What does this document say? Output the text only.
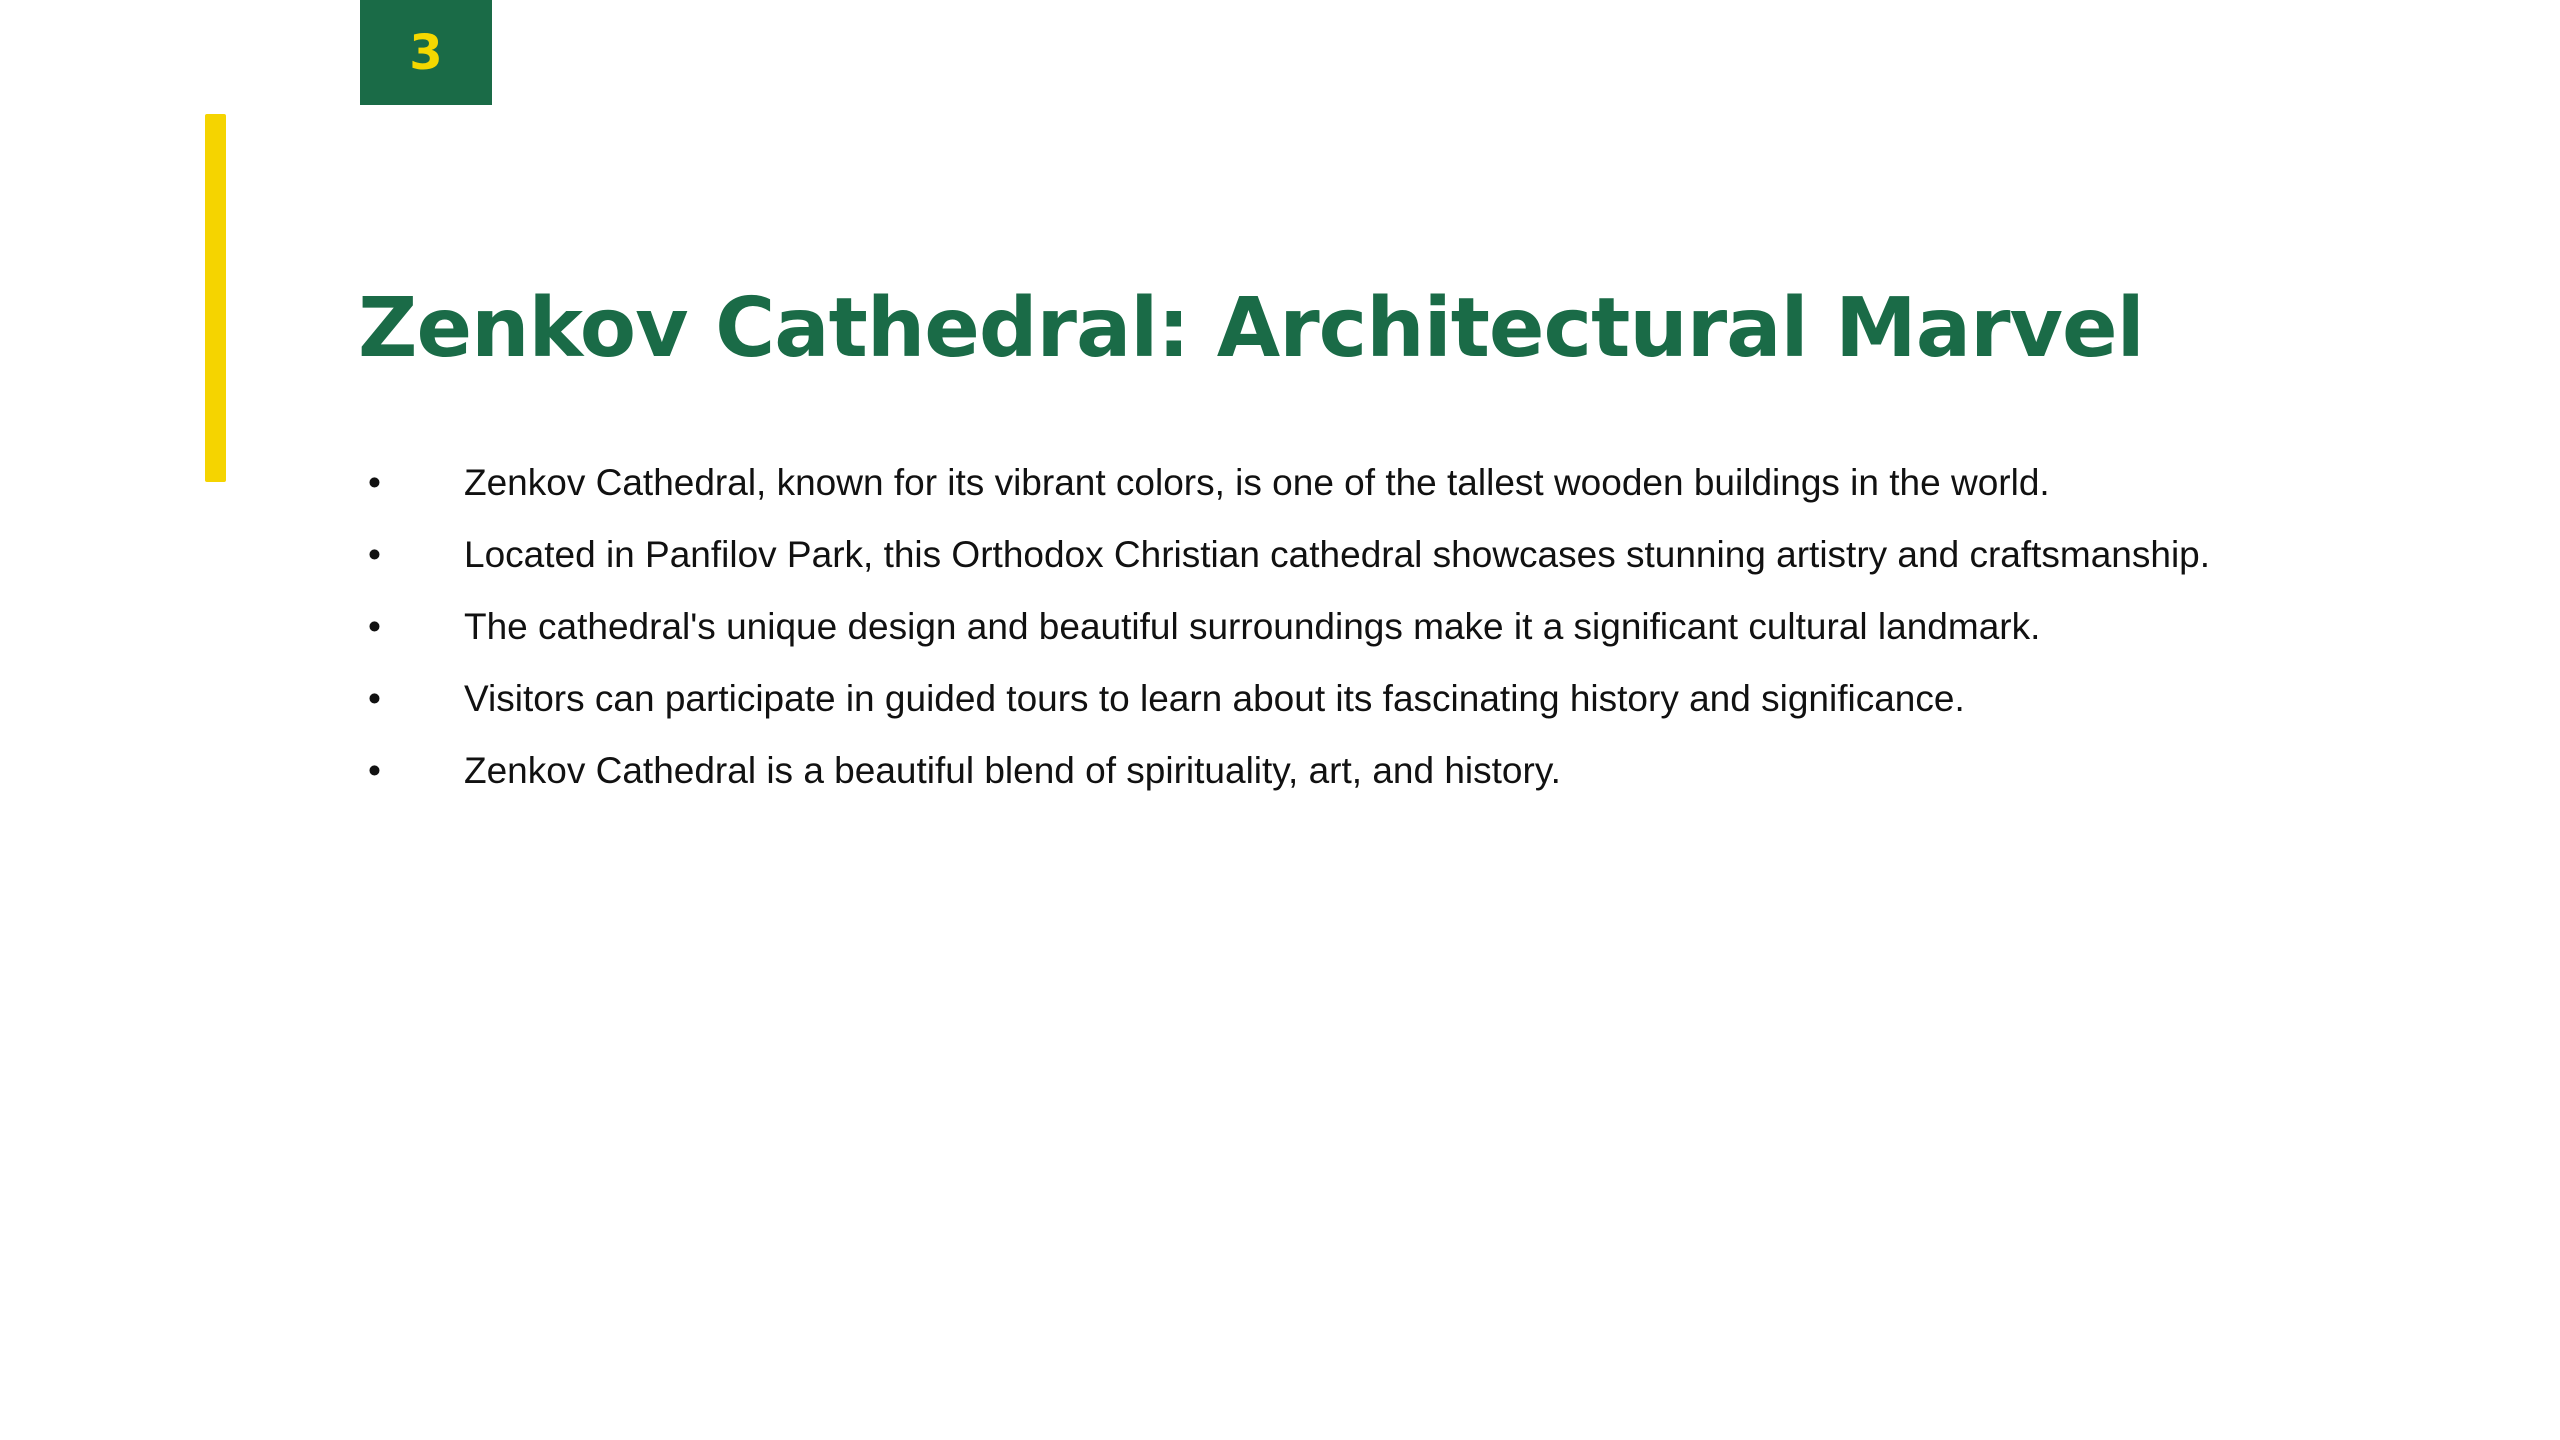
3
Zenkov Cathedral: Architectural Marvel
•	Zenkov Cathedral, known for its vibrant colors, is one of the tallest wooden buildings in the world.
•	Located in Panfilov Park, this Orthodox Christian cathedral showcases stunning artistry and craftsmanship.
•	The cathedral's unique design and beautiful surroundings make it a significant cultural landmark.
•	Visitors can participate in guided tours to learn about its fascinating history and significance.
•	Zenkov Cathedral is a beautiful blend of spirituality, art, and history.
